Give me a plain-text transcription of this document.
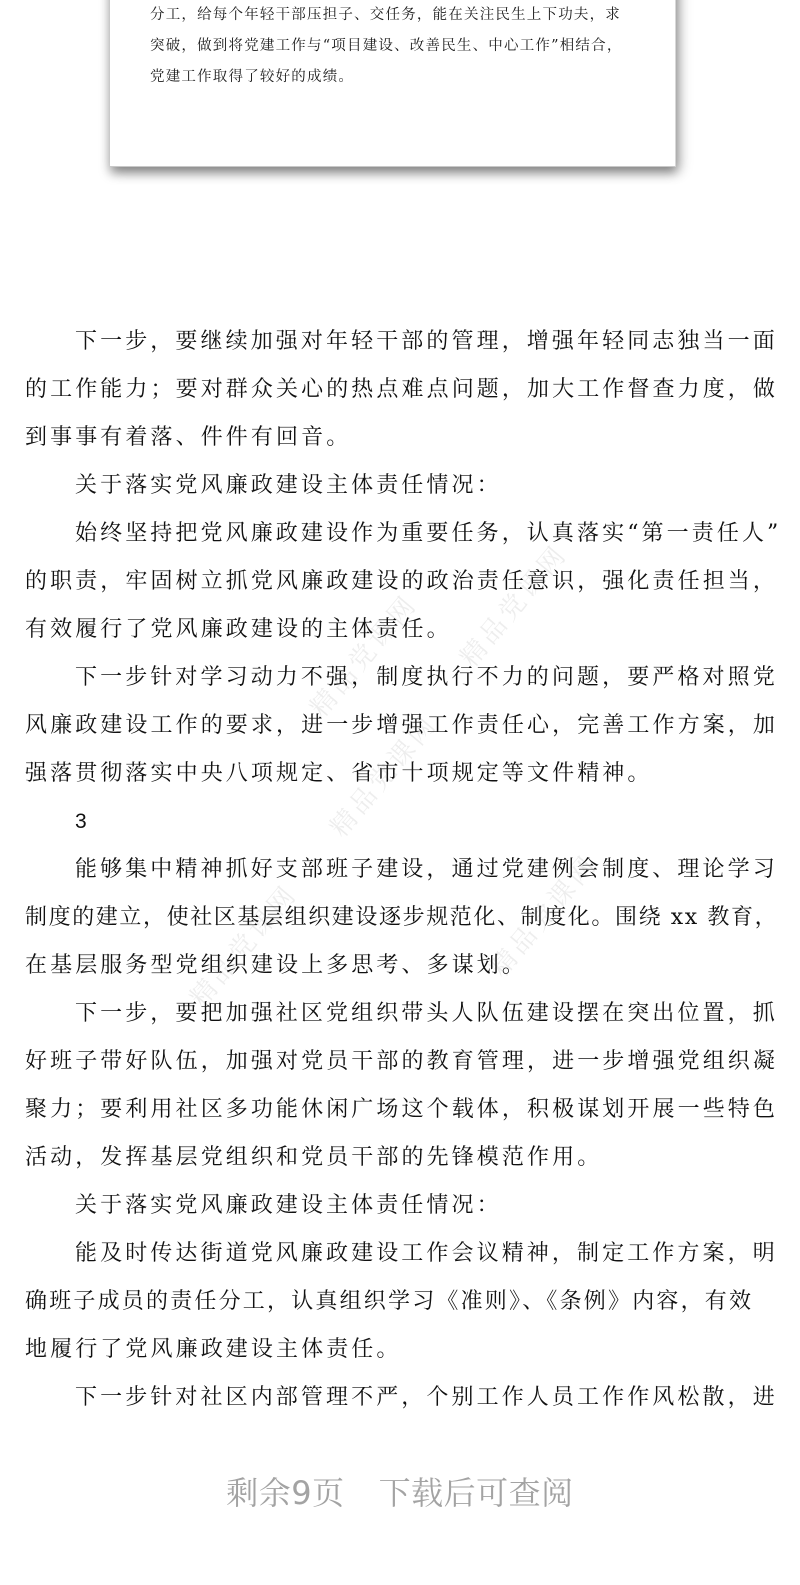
分工，给每个年轻干部压担子、交任务，能在关注民生上下功夫，求
突破，做到将党建工作与“项目建设、改善民生、中心工作”相结合，
党建工作取得了较好的成绩。
精品党课网 精品党课网
精品党课网
精品党课网	精品党课网
下一步，要继续加强对年轻干部的管理，增强年轻同志独当一面
的工作能力；要对群众关心的热点难点问题，加大工作督查力度，做
到事事有着落、件件有回音。
关于落实党风廉政建设主体责任情况：
始终坚持把党风廉政建设作为重要任务，认真落实“第一责任人”
的职责，牢固树立抓党风廉政建设的政治责任意识，强化责任担当，
有效履行了党风廉政建设的主体责任。
下一步针对学习动力不强，制度执行不力的问题，要严格对照党
风廉政建设工作的要求，进一步增强工作责任心，完善工作方案，加
强落贯彻落实中央八项规定、省市十项规定等文件精神。
3
能够集中精神抓好支部班子建设，通过党建例会制度、理论学习
制度的建立，使社区基层组织建设逐步规范化、制度化。围绕 xx 教育，
在基层服务型党组织建设上多思考、多谋划。
下一步，要把加强社区党组织带头人队伍建设摆在突出位置，抓
好班子带好队伍，加强对党员干部的教育管理，进一步增强党组织凝
聚力；要利用社区多功能休闲广场这个载体，积极谋划开展一些特色
活动，发挥基层党组织和党员干部的先锋模范作用。
关于落实党风廉政建设主体责任情况：
能及时传达街道党风廉政建设工作会议精神，制定工作方案，明
确班子成员的责任分工，认真组织学习《准则》、《条例》内容，有效
地履行了党风廉政建设主体责任。
下一步针对社区内部管理不严，个别工作人员工作作风松散，进
剩余9页 下载后可查阅
